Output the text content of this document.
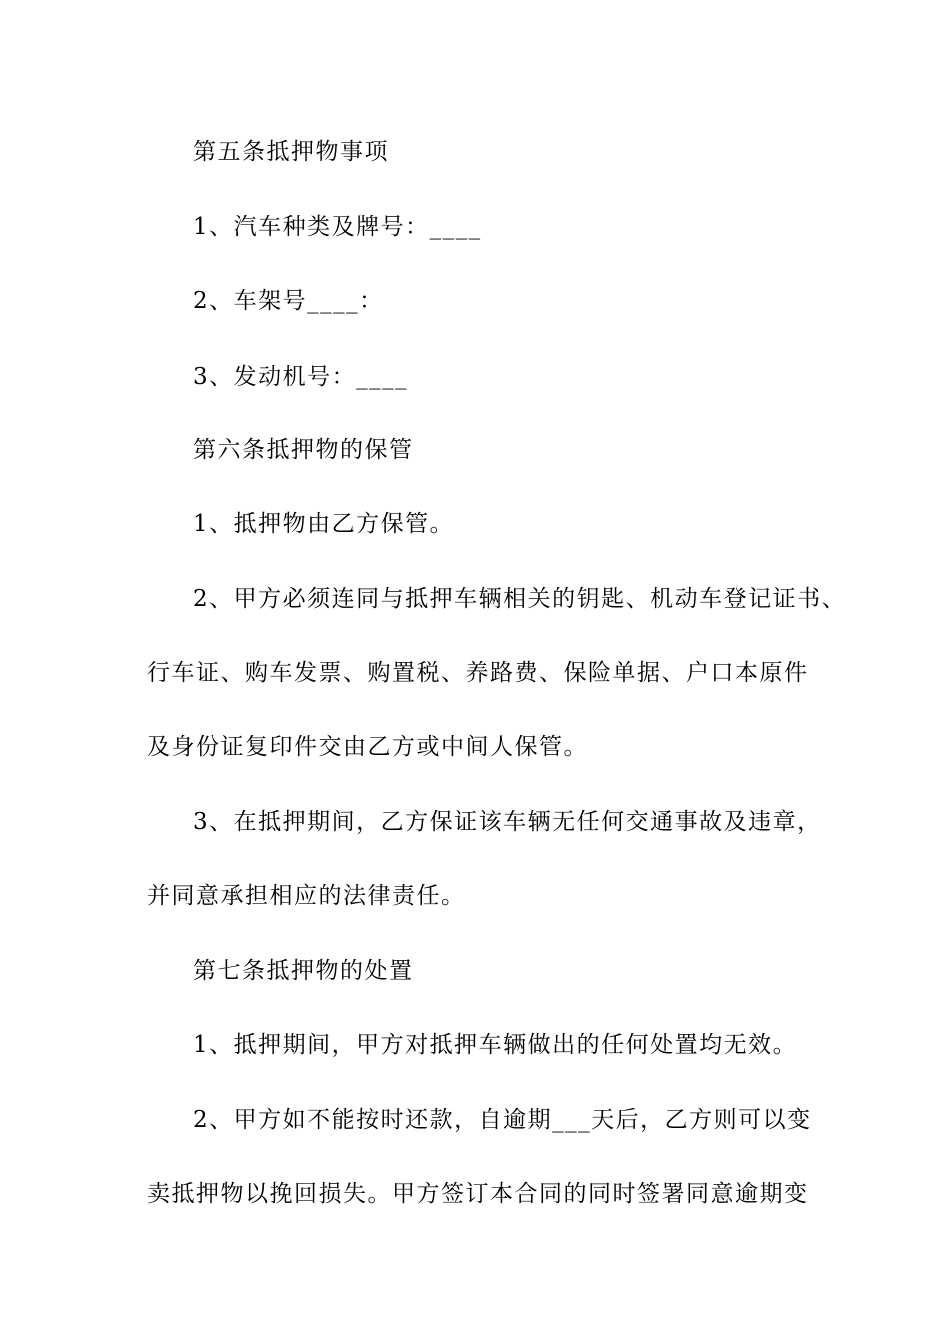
第五条抵押物事项
1、汽车种类及牌号：____
2、车架号____：
3、发动机号：____
第六条抵押物的保管
1、抵押物由乙方保管。
2、甲方必须连同与抵押车辆相关的钥匙、机动车登记证书、
行车证、购车发票、购置税、养路费、保险单据、户口本原件
及身份证复印件交由乙方或中间人保管。
3、在抵押期间，乙方保证该车辆无任何交通事故及违章，
并同意承担相应的法律责任。
第七条抵押物的处置
1、抵押期间，甲方对抵押车辆做出的任何处置均无效。
2、甲方如不能按时还款，自逾期___天后，乙方则可以变
卖抵押物以挽回损失。甲方签订本合同的同时签署同意逾期变
